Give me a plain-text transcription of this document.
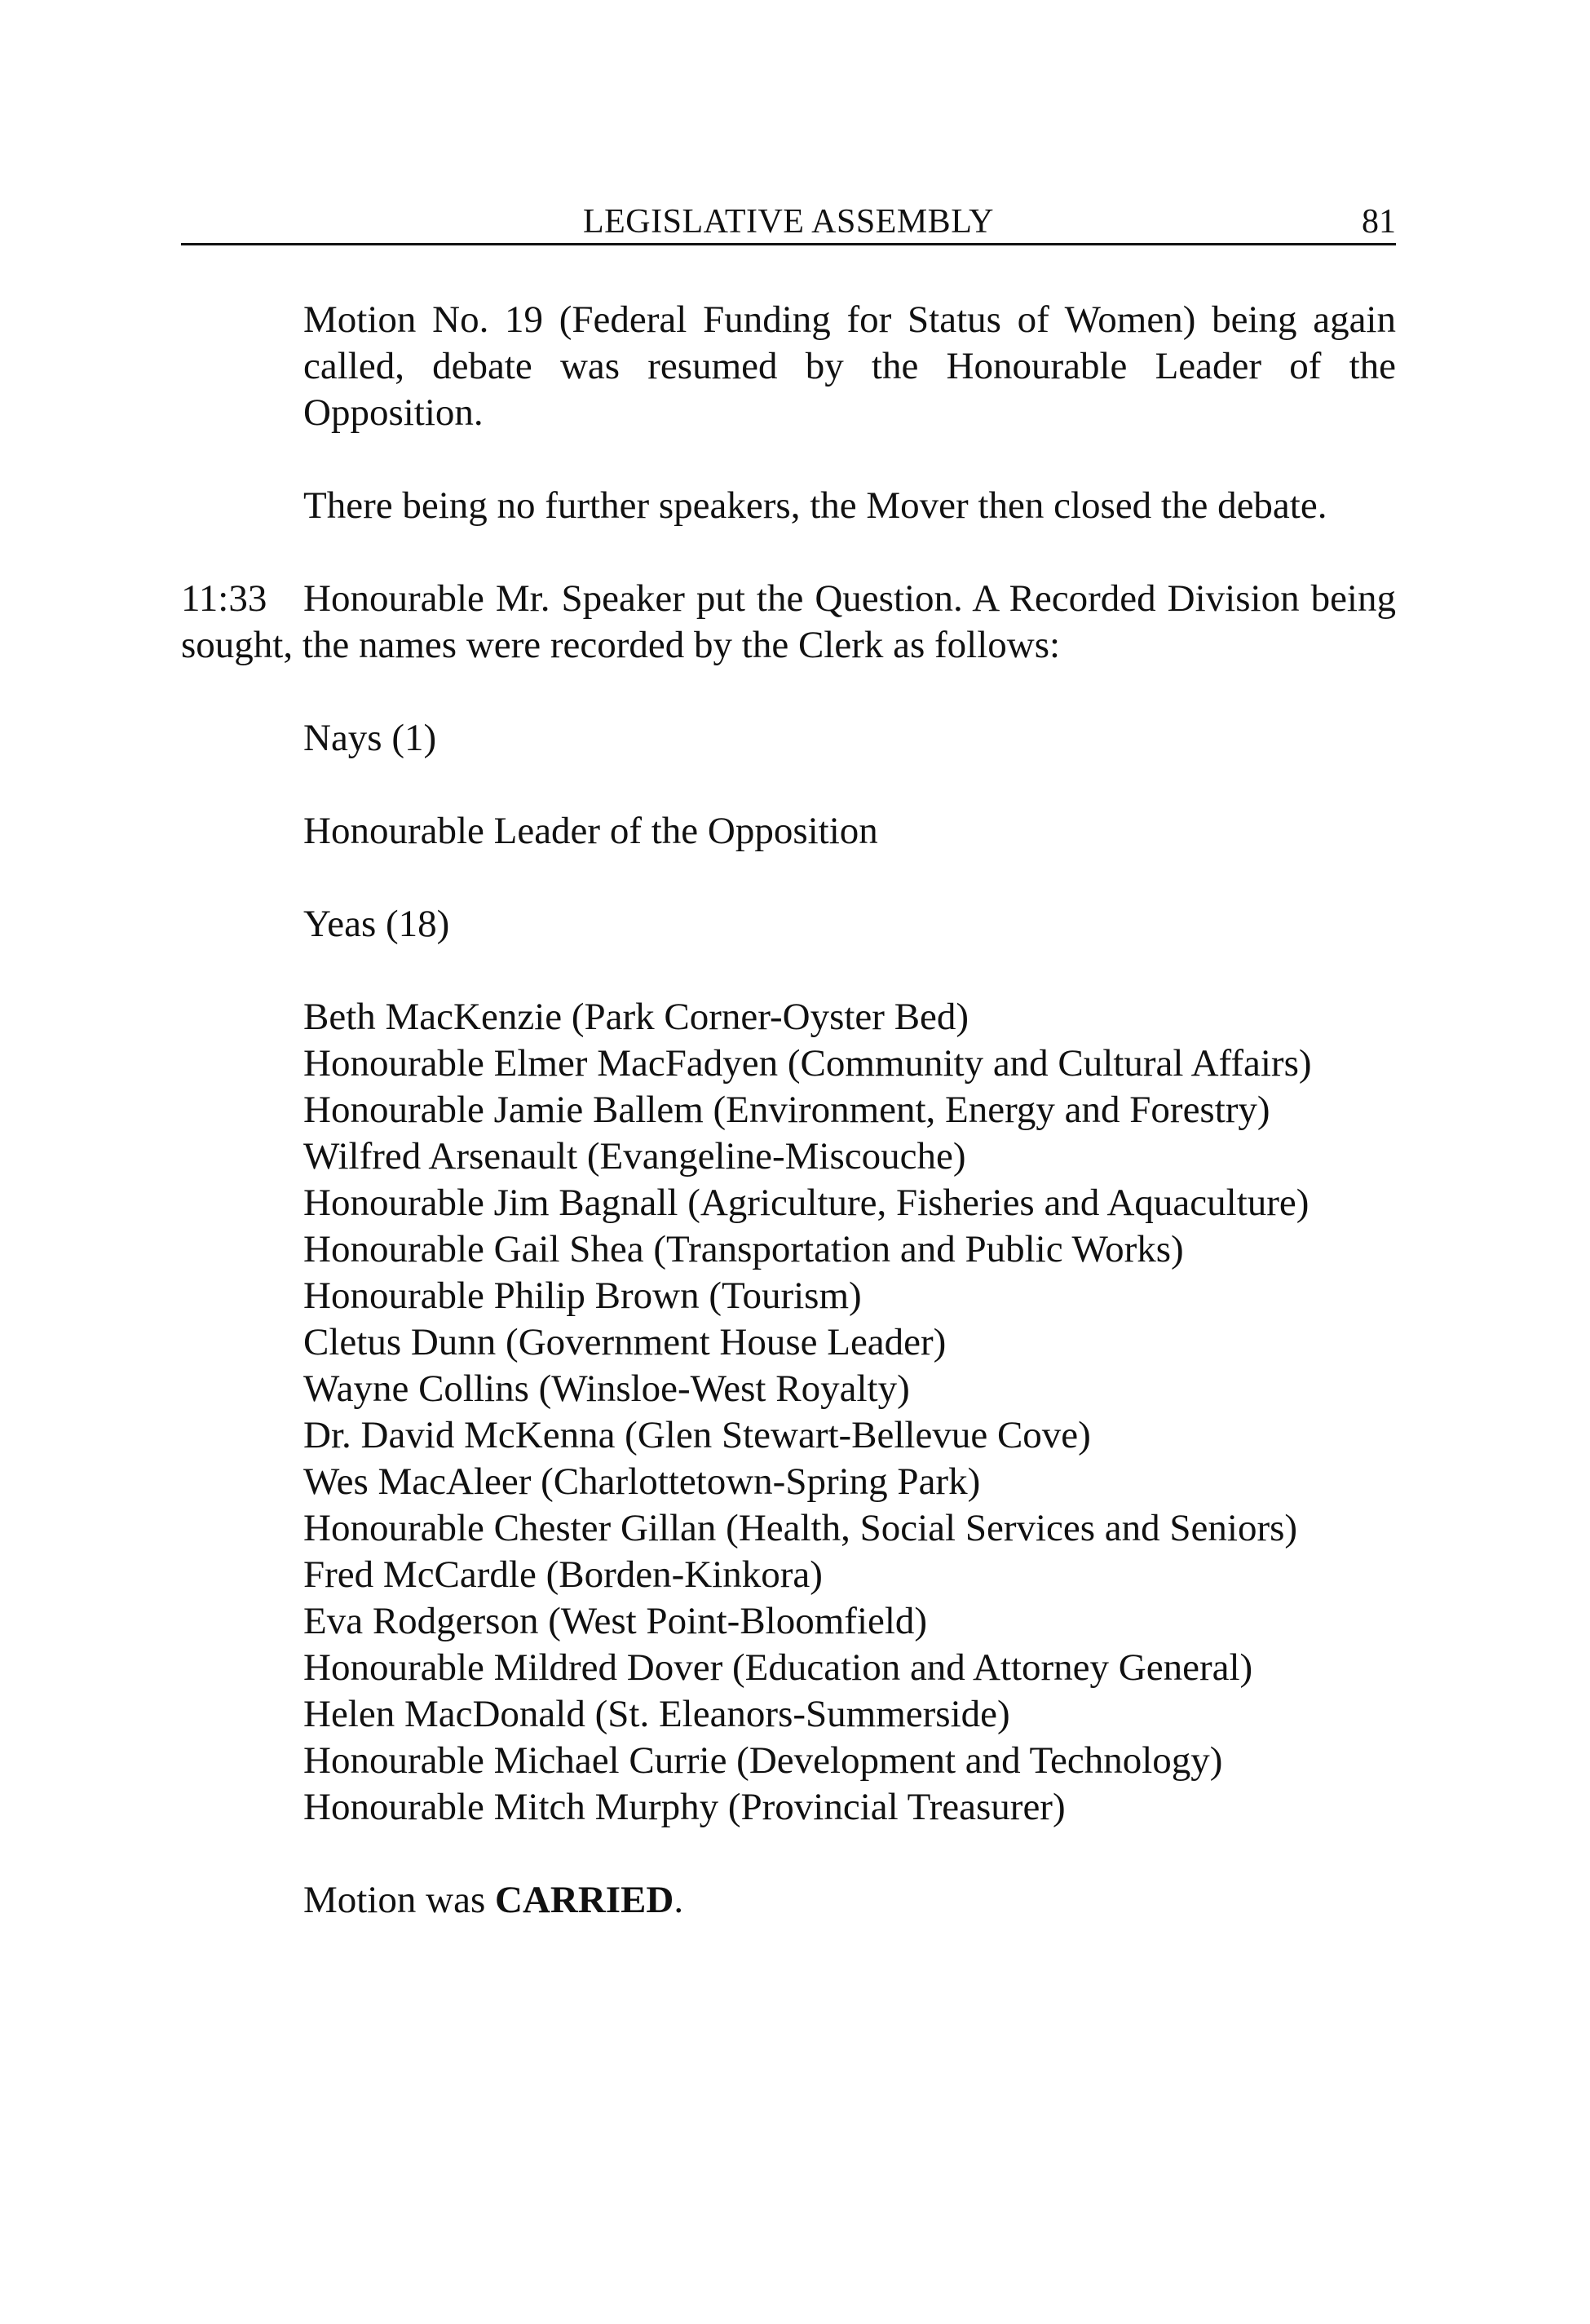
LEGISLATIVE ASSEMBLY	81
Motion No. 19 (Federal Funding for Status of Women) being again called, debate was resumed by the Honourable Leader of the Opposition.
There being no further speakers, the Mover then closed the debate.
11:33 Honourable Mr. Speaker put the Question. A Recorded Division being sought, the names were recorded by the Clerk as follows:
Nays (1)
Honourable Leader of the Opposition
Yeas (18)
Beth MacKenzie (Park Corner-Oyster Bed)
Honourable Elmer MacFadyen (Community and Cultural Affairs)
Honourable Jamie Ballem (Environment, Energy and Forestry)
Wilfred Arsenault (Evangeline-Miscouche)
Honourable Jim Bagnall (Agriculture, Fisheries and Aquaculture)
Honourable Gail Shea (Transportation and Public Works)
Honourable Philip Brown (Tourism)
Cletus Dunn (Government House Leader)
Wayne Collins (Winsloe-West Royalty)
Dr. David McKenna (Glen Stewart-Bellevue Cove)
Wes MacAleer (Charlottetown-Spring Park)
Honourable Chester Gillan (Health, Social Services and Seniors)
Fred McCardle (Borden-Kinkora)
Eva Rodgerson (West Point-Bloomfield)
Honourable Mildred Dover (Education and Attorney General)
Helen MacDonald (St. Eleanors-Summerside)
Honourable Michael Currie (Development and Technology)
Honourable Mitch Murphy (Provincial Treasurer)
Motion was CARRIED.
